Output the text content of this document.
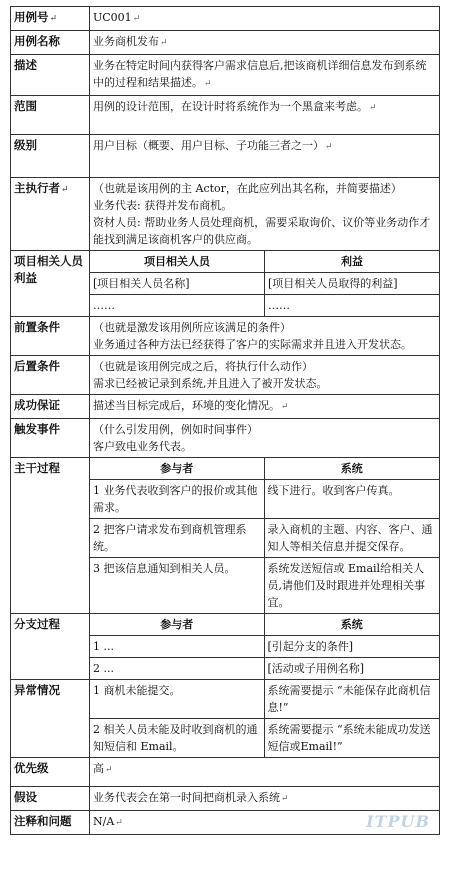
用例号↵	UC001↵
用例名称	业务商机发布↵
描述	业务在特定时间内获得客户需求信息后,把该商机详细信息发布到系统中的过程和结果描述。↵
范围	用例的设计范围，在设计时将系统作为一个黑盒来考虑。↵
级别	用户目标（概要、用户目标、子功能三者之一）↵
主执行者↵	（也就是该用例的主 Actor，在此应列出其名称，并简要描述）
业务代表: 获得并发布商机。
资材人员: 帮助业务人员处理商机，需要采取询价、议价等业务动作才能找到满足该商机客户的供应商。

项目相关人员利益	
项目相关人员	利益
[项目相关人员名称]	[项目相关人员取得的利益]
……	……

前置条件	（也就是激发该用例所应该满足的条件）
业务通过各种方法已经获得了客户的实际需求并且进入开发状态。

后置条件	（也就是该用例完成之后，将执行什么动作）
需求已经被记录到系统,并且进入了被开发状态。

成功保证	描述当目标完成后，环境的变化情况。↵
触发事件	（什么引发用例，例如时间事件）
客户致电业务代表。

主干过程		参与者	系统
1 业务代表收到客户的报价或其他需求。	线下进行。收到客户传真。
2 把客户请求发布到商机管理系统。	录入商机的主题、内容、客户、通知人等相关信息并提交保存。
3 把该信息通知到相关人员。	系统发送短信或 Email给相关人员,请他们及时跟进并处理相关事宜。

分支过程		参与者	系统
1 ...	[引起分支的条件]
2 ...	[活动或子用例名称]

异常情况		1 商机未能提交。	系统需要提示 “未能保存此商机信息!”
2 相关人员未能及时收到商机的通知短信和 Email。	系统需要提示 “系统未能成功发送短信或Email!”

优先级	高↵
假设	业务代表会在第一时间把商机录入系统↵
注释和问题	N/A↵	ITPUB
